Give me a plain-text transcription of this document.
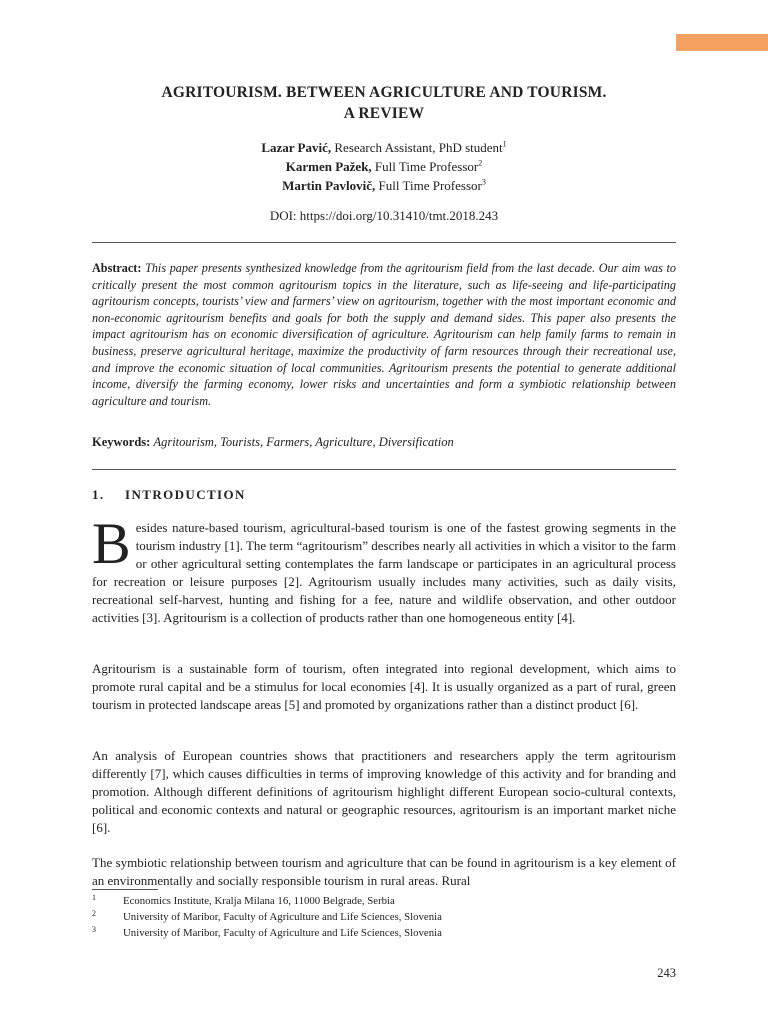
AGRITOURISM. BETWEEN AGRICULTURE AND TOURISM.
A REVIEW
Lazar Pavić, Research Assistant, PhD student$^1$
Karmen Pažek, Full Time Professor$^2$
Martin Pavlovič, Full Time Professor$^3$
DOI: https://doi.org/10.31410/tmt.2018.243
Abstract: This paper presents synthesized knowledge from the agritourism field from the last decade. Our aim was to critically present the most common agritourism topics in the literature, such as life-seeing and life-participating agritourism concepts, tourists’ view and farmers’ view on agritourism, together with the most important economic and non-economic agritourism benefits and goals for both the supply and demand sides. This paper also presents the impact agritourism has on economic diversification of agriculture. Agritourism can help family farms to remain in business, preserve agricultural heritage, maximize the productivity of farm resources through their recreational use, and improve the economic situation of local communities. Agritourism presents the potential to generate additional income, diversify the farming economy, lower risks and uncertainties and form a symbiotic relationship between agriculture and tourism.
Keywords: Agritourism, Tourists, Farmers, Agriculture, Diversification
1. INTRODUCTION
Besides nature-based tourism, agricultural-based tourism is one of the fastest growing segments in the tourism industry [1]. The term “agritourism” describes nearly all activities in which a visitor to the farm or other agricultural setting contemplates the farm landscape or participates in an agricultural process for recreation or leisure purposes [2]. Agritourism usually includes many activities, such as daily visits, recreational self-harvest, hunting and fishing for a fee, nature and wildlife observation, and other outdoor activities [3]. Agritourism is a collection of products rather than one homogeneous entity [4].
Agritourism is a sustainable form of tourism, often integrated into regional development, which aims to promote rural capital and be a stimulus for local economies [4]. It is usually organized as a part of rural, green tourism in protected landscape areas [5] and promoted by organizations rather than a distinct product [6].
An analysis of European countries shows that practitioners and researchers apply the term agritourism differently [7], which causes difficulties in terms of improving knowledge of this activity and for branding and promotion. Although different definitions of agritourism highlight different European socio-cultural contexts, political and economic contexts and natural or geographic resources, agritourism is an important market niche [6].
The symbiotic relationship between tourism and agriculture that can be found in agritourism is a key element of an environmentally and socially responsible tourism in rural areas. Rural
1	Economics Institute, Kralja Milana 16, 11000 Belgrade, Serbia
2	University of Maribor, Faculty of Agriculture and Life Sciences, Slovenia
3	University of Maribor, Faculty of Agriculture and Life Sciences, Slovenia
243
